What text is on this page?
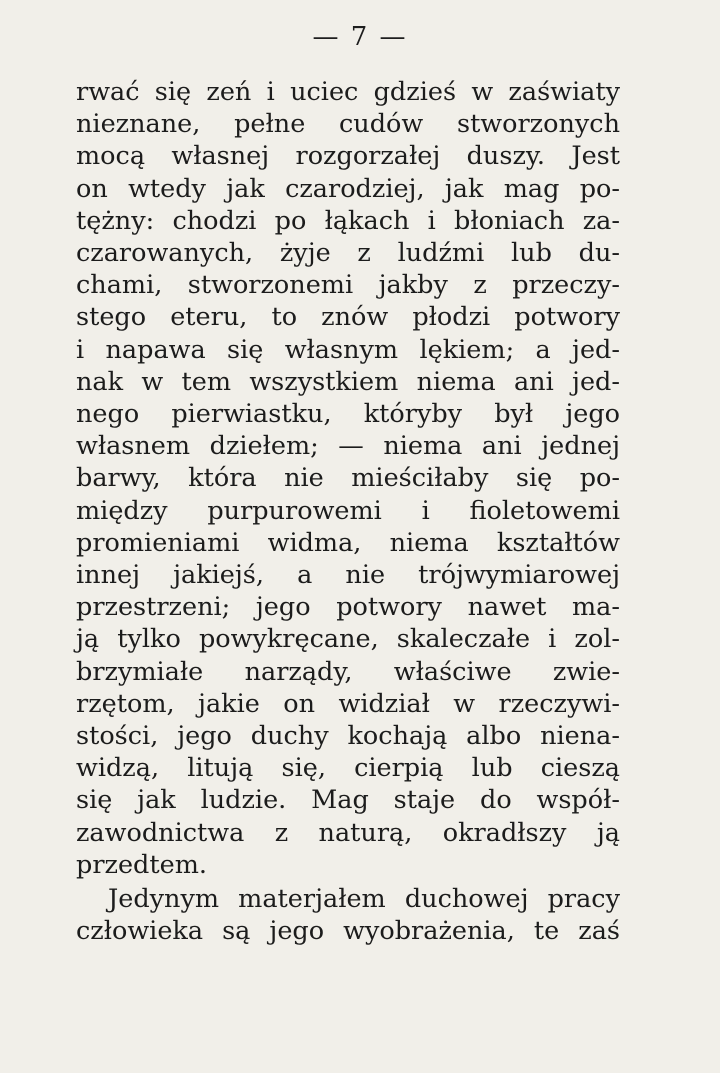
— 7 —
rwać się zeń i uciec gdzieś w zaświaty
nieznane, pełne cudów stworzonych
mocą własnej rozgorzałej duszy. Jest
on wtedy jak czarodziej, jak mag po-
tężny: chodzi po łąkach i błoniach za-
czarowanych, żyje z ludźmi lub du-
chami, stworzonemi jakby z przeczy-
stego eteru, to znów płodzi potwory
i napawa się własnym lękiem; a jed-
nak w tem wszystkiem niema ani jed-
nego pierwiastku, któryby był jego
własnem dziełem; — niema ani jednej
barwy, która nie mieściłaby się po-
między purpurowemi i fioletowemi
promieniami widma, niema kształtów
innej jakiejś, a nie trójwymiarowej
przestrzeni; jego potwory nawet ma-
ją tylko powykręcane, skaleczałe i zol-
brzymiałe narządy, właściwe zwie-
rzętom, jakie on widział w rzeczywi-
stości, jego duchy kochają albo niena-
widzą, litują się, cierpią lub cieszą
się jak ludzie. Mag staje do współ-
zawodnictwa z naturą, okradłszy ją
przedtem.
Jedynym materjałem duchowej pracy
człowieka są jego wyobrażenia, te zaś
